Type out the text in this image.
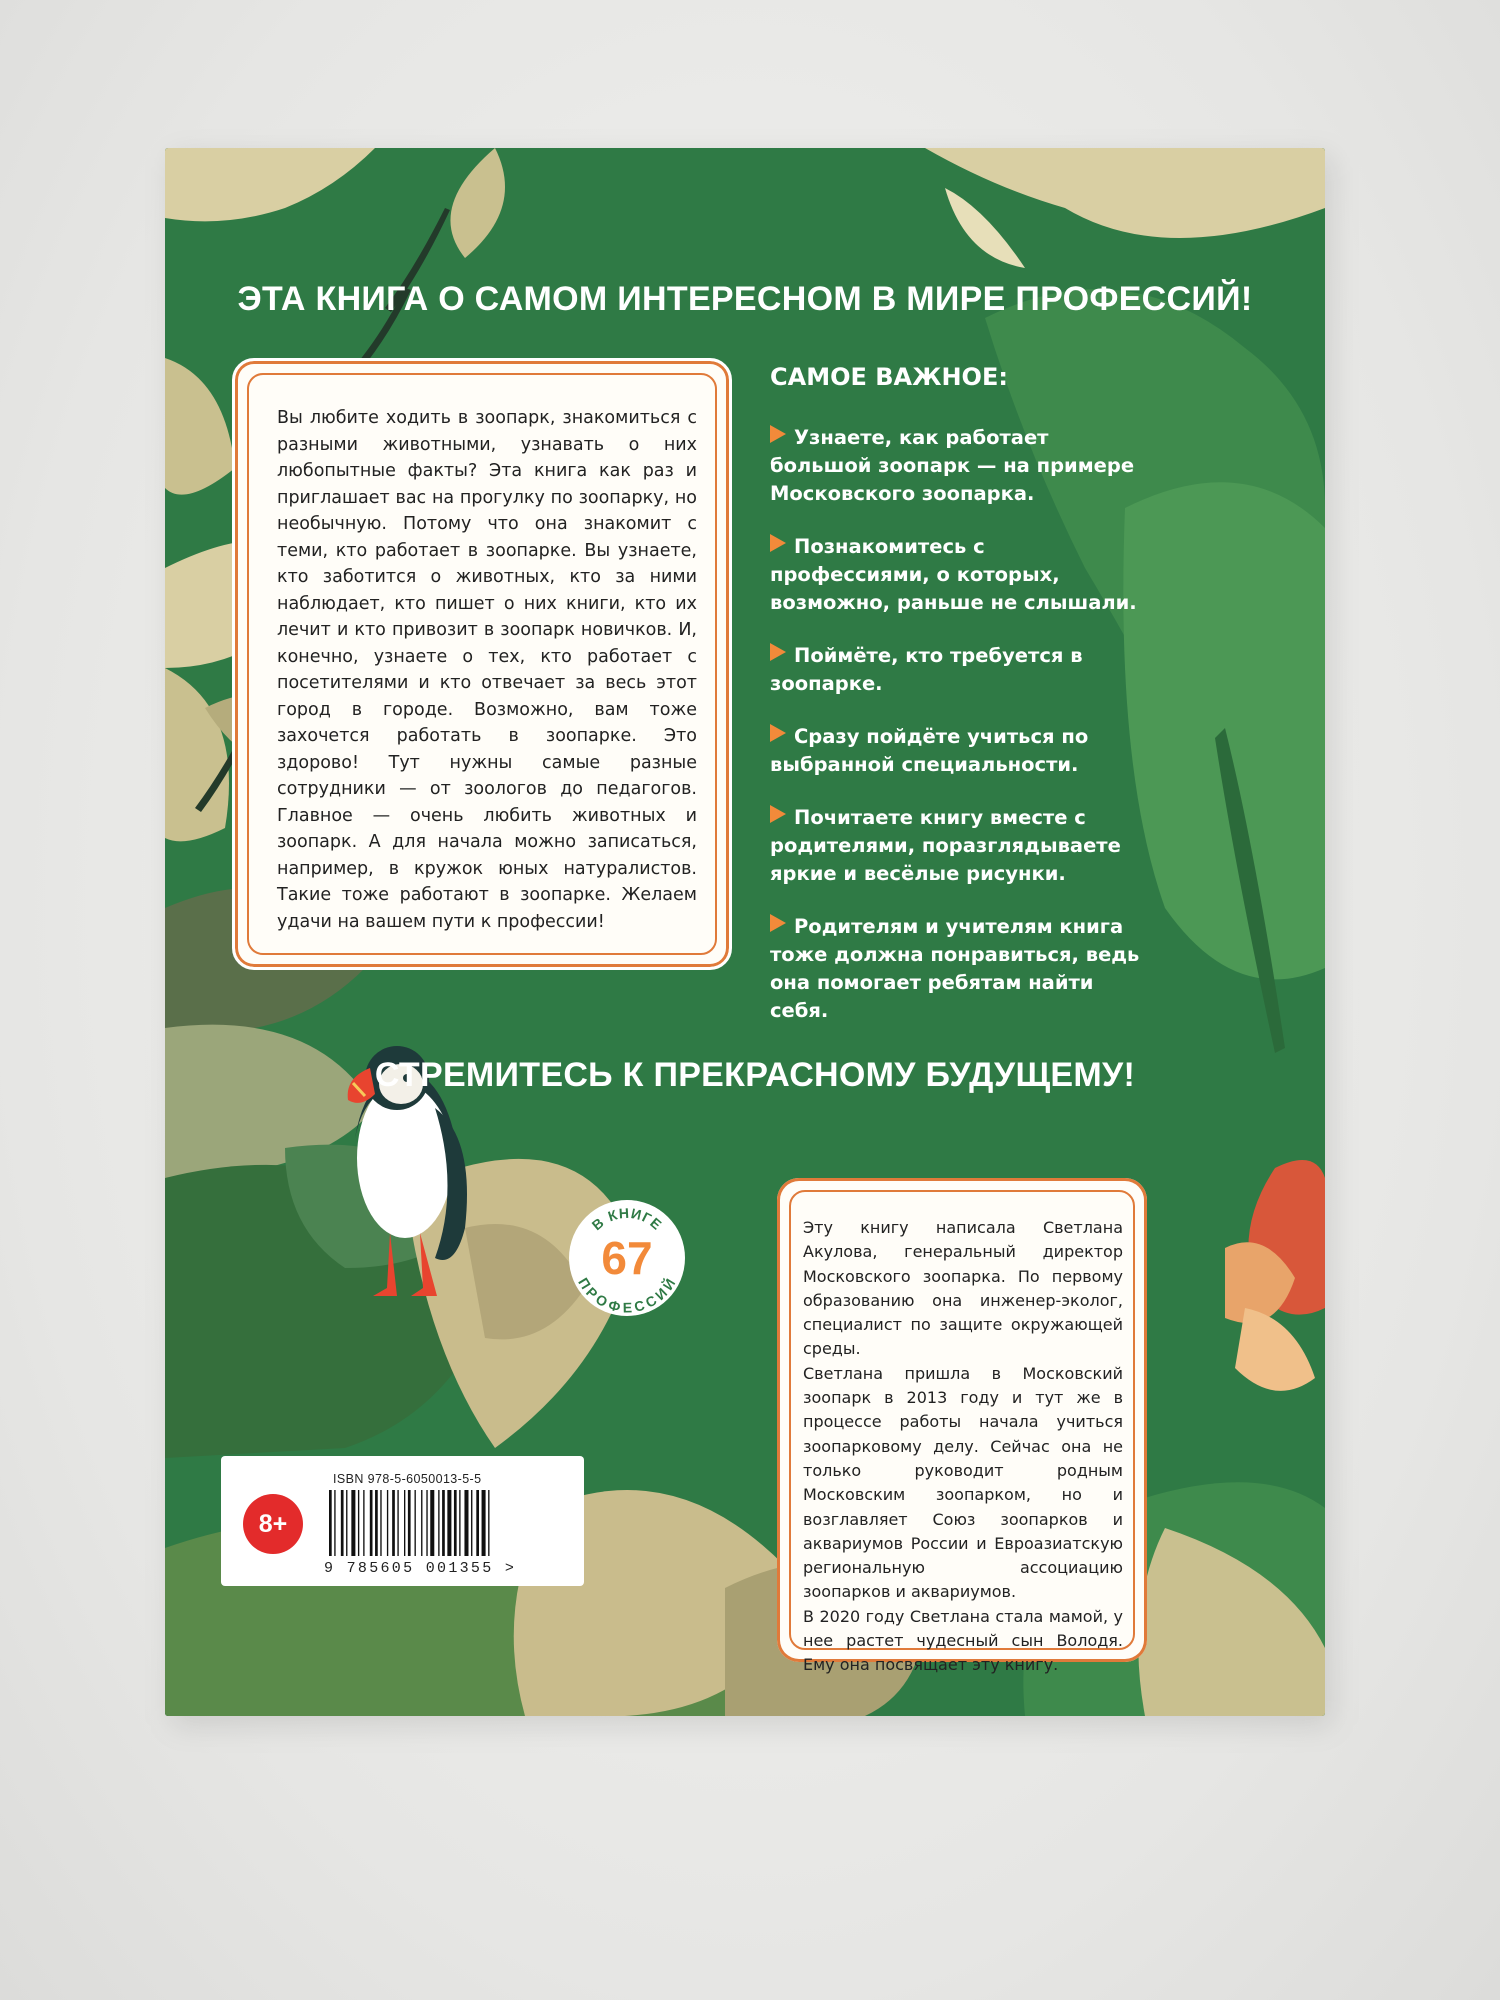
ЭТА КНИГА О САМОМ ИНТЕРЕСНОМ В МИРЕ ПРОФЕССИЙ!
Вы любите ходить в зоопарк, знакомиться с разными животными, узнавать о них любопытные факты? Эта книга как раз и приглашает вас на прогулку по зоопарку, но необычную. Потому что она знакомит с теми, кто работает в зоопарке. Вы узнаете, кто заботится о животных, кто за ними наблюдает, кто пишет о них книги, кто их лечит и кто привозит в зоопарк новичков. И, конечно, узнаете о тех, кто работает с посетителями и кто отвечает за весь этот город в городе. Возможно, вам тоже захочется работать в зоопарке. Это здорово! Тут нужны самые разные сотрудники — от зоологов до педагогов. Главное — очень любить животных и зоопарк. А для начала можно записаться, например, в кружок юных натуралистов. Такие тоже работают в зоопарке. Желаем удачи на вашем пути к профессии!
САМОЕ ВАЖНОЕ:
Узнаете, как работает большой зоопарк — на примере Московского зоопарка.
Познакомитесь с профессиями, о которых, возможно, раньше не слышали.
Поймёте, кто требуется в зоопарке.
Сразу пойдёте учиться по выбранной специальности.
Почитаете книгу вместе с родителями, поразглядываете яркие и весёлые рисунки.
Родителям и учителям книга тоже должна понравиться, ведь она помогает ребятам найти себя.
СТРЕМИТЕСЬ К ПРЕКРАСНОМУ БУДУЩЕМУ!
В КНИГЕ
ПРОФЕССИЙ
67
Эту книгу написала Светлана Акулова, генеральный директор Московского зоопарка. По первому образованию она инженер-эколог, специалист по защите окружающей среды.
Светлана пришла в Московский зоопарк в 2013 году и тут же в процессе работы начала учиться зоопарковому делу. Сейчас она не только руководит родным Московским зоопарком, но и возглавляет Союз зоопарков и аквариумов России и Евроазиатскую региональную ассоциацию зоопарков и аквариумов.
В 2020 году Светлана стала мамой, у нее растет чудесный сын Володя. Ему она посвящает эту книгу.
8+
ISBN 978-5-6050013-5-5
9 785605 001355 >
